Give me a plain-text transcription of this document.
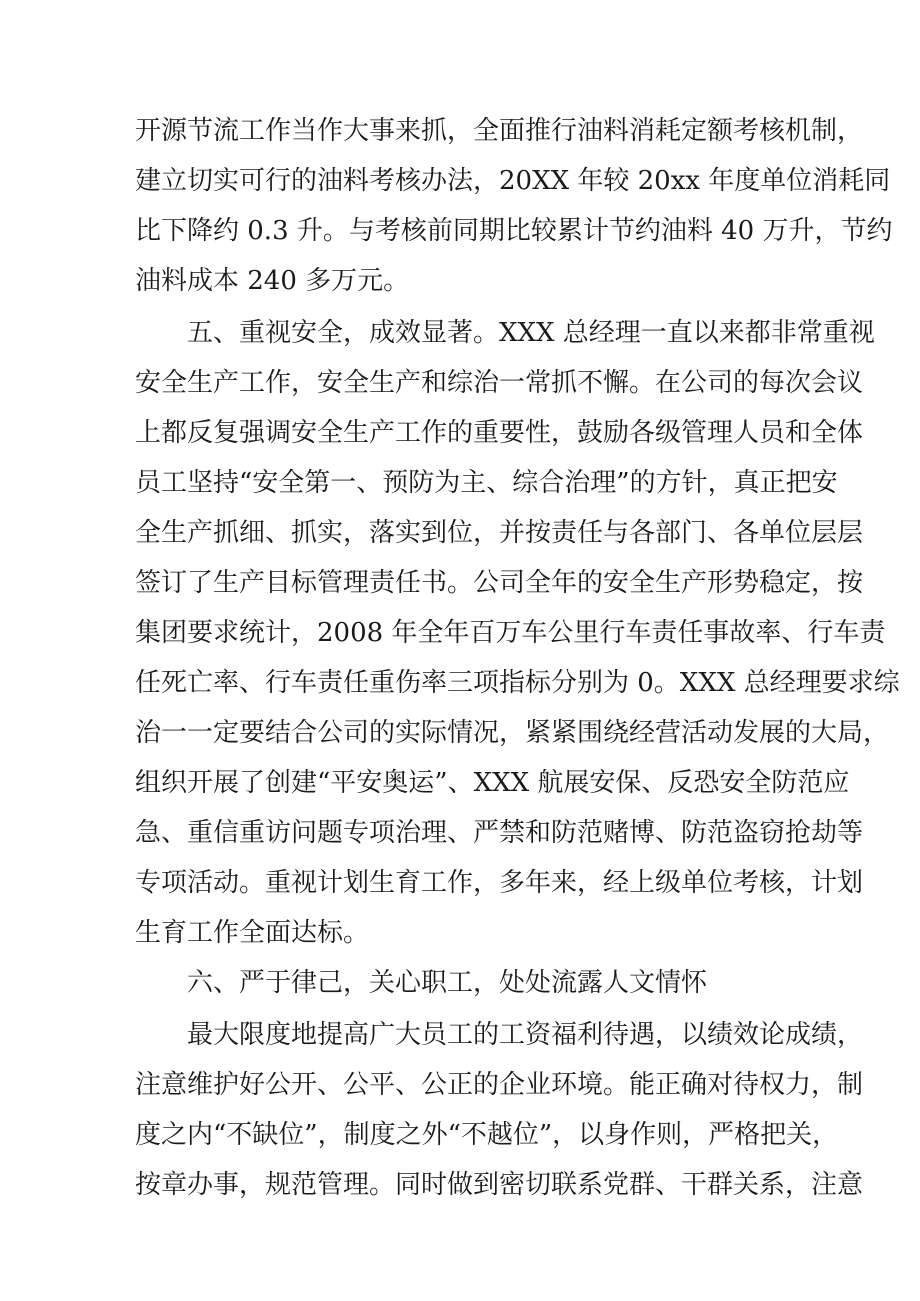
开源节流工作当作大事来抓，全面推行油料消耗定额考核机制，
建立切实可行的油料考核办法，20XX 年较 20xx 年度单位消耗同
比下降约 0.3 升。与考核前同期比较累计节约油料 40 万升，节约
油料成本 240 多万元。
五、重视安全，成效显著。XXX 总经理一直以来都非常重视
安全生产工作，安全生产和综治一常抓不懈。在公司的每次会议
上都反复强调安全生产工作的重要性，鼓励各级管理人员和全体
员工坚持“安全第一、预防为主、综合治理”的方针，真正把安
全生产抓细、抓实，落实到位，并按责任与各部门、各单位层层
签订了生产目标管理责任书。公司全年的安全生产形势稳定，按
集团要求统计，2008 年全年百万车公里行车责任事故率、行车责
任死亡率、行车责任重伤率三项指标分别为 0。XXX 总经理要求综
治一一定要结合公司的实际情况，紧紧围绕经营活动发展的大局，
组织开展了创建“平安奥运”、XXX 航展安保、反恐安全防范应
急、重信重访问题专项治理、严禁和防范赌博、防范盗窃抢劫等
专项活动。重视计划生育工作，多年来，经上级单位考核，计划
生育工作全面达标。
六、严于律己，关心职工，处处流露人文情怀
最大限度地提高广大员工的工资福利待遇，以绩效论成绩，
注意维护好公开、公平、公正的企业环境。能正确对待权力，制
度之内“不缺位”，制度之外“不越位”，以身作则，严格把关，
按章办事，规范管理。同时做到密切联系党群、干群关系，注意
